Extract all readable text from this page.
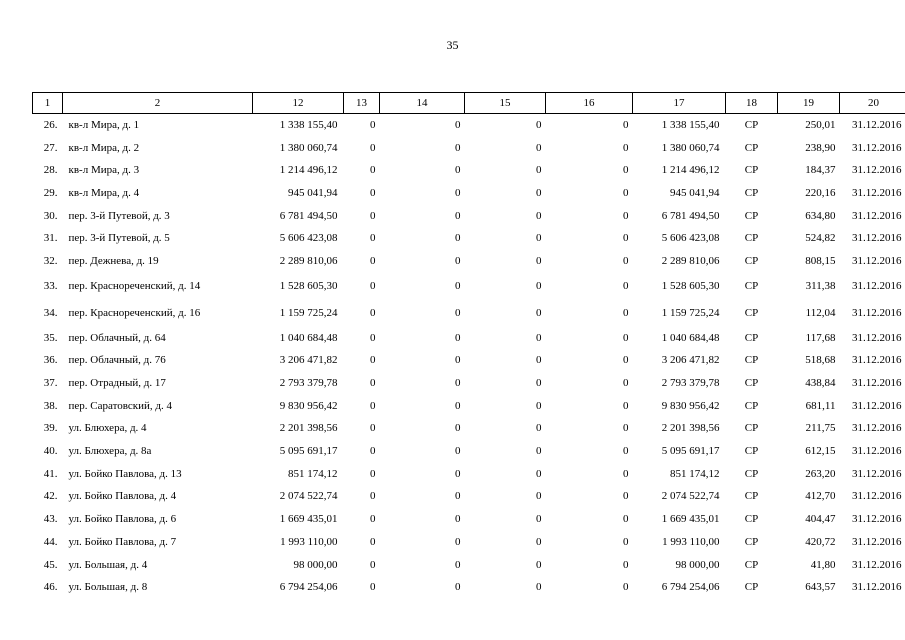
35
1	2	12	13	14	15	16	17	18	19	20
26.	кв-л Мира, д. 1	1 338 155,40	0	0	0	0	1 338 155,40	СР	250,01	31.12.2016
27.	кв-л Мира, д. 2	1 380 060,74	0	0	0	0	1 380 060,74	СР	238,90	31.12.2016
28.	кв-л Мира, д. 3	1 214 496,12	0	0	0	0	1 214 496,12	СР	184,37	31.12.2016
29.	кв-л Мира, д. 4	945 041,94	0	0	0	0	945 041,94	СР	220,16	31.12.2016
30.	пер. 3-й Путевой, д. 3	6 781 494,50	0	0	0	0	6 781 494,50	СР	634,80	31.12.2016
31.	пер. 3-й Путевой, д. 5	5 606 423,08	0	0	0	0	5 606 423,08	СР	524,82	31.12.2016
32.	пер. Дежнева, д. 19	2 289 810,06	0	0	0	0	2 289 810,06	СР	808,15	31.12.2016
33.	пер. Краснореченский, д. 14	1 528 605,30	0	0	0	0	1 528 605,30	СР	311,38	31.12.2016
34.	пер. Краснореченский, д. 16	1 159 725,24	0	0	0	0	1 159 725,24	СР	112,04	31.12.2016
35.	пер. Облачный, д. 64	1 040 684,48	0	0	0	0	1 040 684,48	СР	117,68	31.12.2016
36.	пер. Облачный, д. 76	3 206 471,82	0	0	0	0	3 206 471,82	СР	518,68	31.12.2016
37.	пер. Отрадный, д. 17	2 793 379,78	0	0	0	0	2 793 379,78	СР	438,84	31.12.2016
38.	пер. Саратовский, д. 4	9 830 956,42	0	0	0	0	9 830 956,42	СР	681,11	31.12.2016
39.	ул. Блюхера, д. 4	2 201 398,56	0	0	0	0	2 201 398,56	СР	211,75	31.12.2016
40.	ул. Блюхера, д. 8а	5 095 691,17	0	0	0	0	5 095 691,17	СР	612,15	31.12.2016
41.	ул. Бойко Павлова, д. 13	851 174,12	0	0	0	0	851 174,12	СР	263,20	31.12.2016
42.	ул. Бойко Павлова, д. 4	2 074 522,74	0	0	0	0	2 074 522,74	СР	412,70	31.12.2016
43.	ул. Бойко Павлова, д. 6	1 669 435,01	0	0	0	0	1 669 435,01	СР	404,47	31.12.2016
44.	ул. Бойко Павлова, д. 7	1 993 110,00	0	0	0	0	1 993 110,00	СР	420,72	31.12.2016
45.	ул. Большая, д. 4	98 000,00	0	0	0	0	98 000,00	СР	41,80	31.12.2016
46.	ул. Большая, д. 8	6 794 254,06	0	0	0	0	6 794 254,06	СР	643,57	31.12.2016
